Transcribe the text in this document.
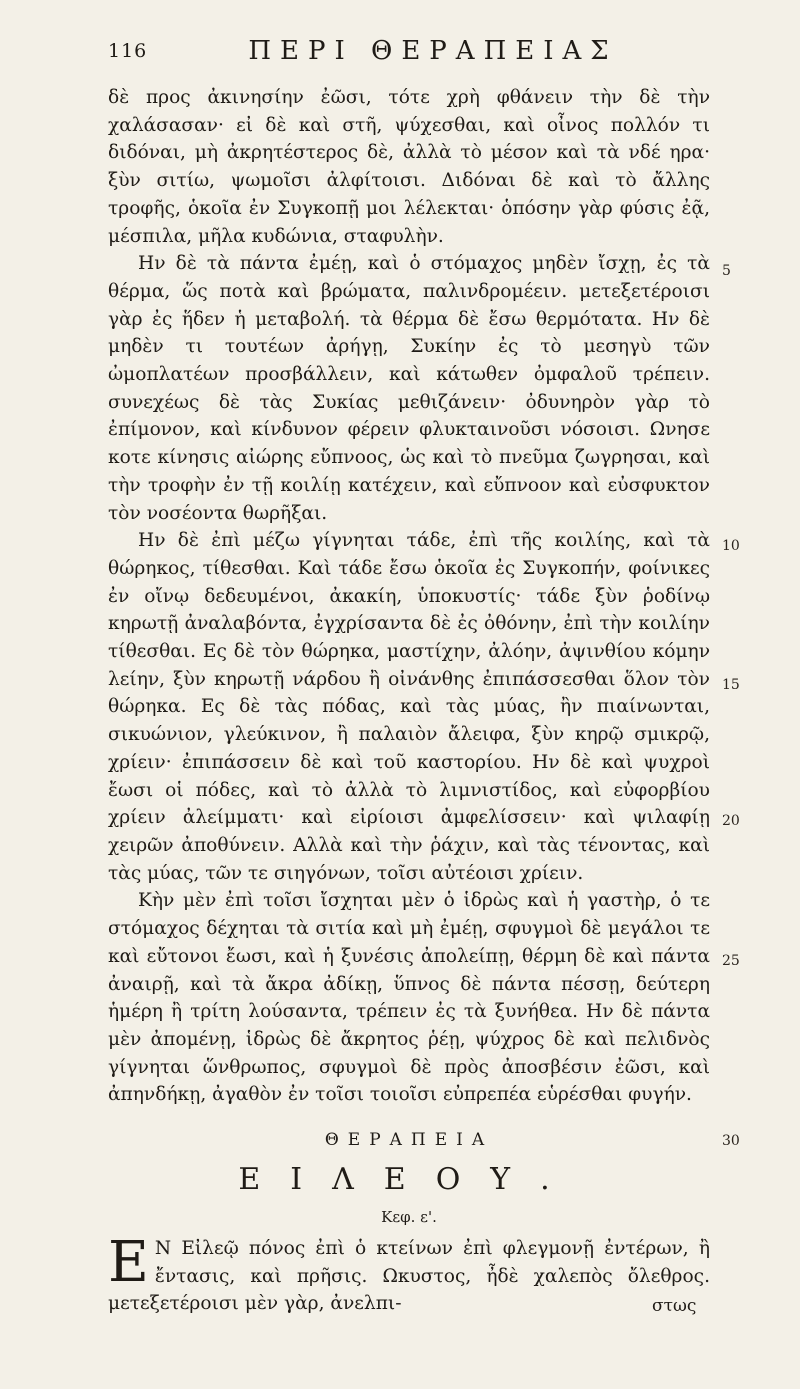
116	ΠΕΡΙ ΘΕΡΑΠΕΙΑΣ

δὲ προς ἀκινησίην ἐῶσι, τότε χρὴ φθάνειν τὴν δὲ τὴν χαλάσασαν· εἰ δὲ καὶ στῆ, ψύχεσθαι, καὶ οἶνος πολλόν τι διδόναι, μὴ ἀκρητέστερος δὲ, ἀλλὰ τὸ μέσον καὶ τὰ νδέ ηρα· ξὺν σιτίω, ψωμοῖσι ἀλφίτοισι. Διδόναι δὲ καὶ τὸ ἄλλης τροφῆς, ὁκοῖα ἐν Συγκοπῇ μοι λέλεκται· ὁπόσην γὰρ φύσις ἐᾷ, μέσπιλα, μῆλα κυδώνια, σταφυλὴν.

Ην δὲ τὰ πάντα ἐμέῃ, καὶ ὁ στόμαχος μηδὲν ἴσχῃ, ἐς τὰ θέρμα, ὥς ποτὰ καὶ βρώματα, παλινδρομέειν. μετεξετέροισι γὰρ ἐς ἥδεν ἡ μεταβολή. τὰ θέρμα δὲ ἔσω θερμότατα. Ην δὲ μηδὲν τι τουτέων ἀρήγῃ, Συκίην ἐς τὸ μεσηγὺ τῶν ὠμοπλατέων προσβάλλειν, καὶ κάτωθεν ὀμφαλοῦ τρέπειν. συνεχέως δὲ τὰς Συκίας μεθιζάνειν· ὀδυνηρὸν γὰρ τὸ ἐπίμονον, καὶ κίνδυνον φέρειν φλυκταινοῦσι νόσοισι. Ωνησε κοτε κίνησις αἰώρης εὔπνοος, ὡς καὶ τὸ πνεῦμα ζωγρησαι, καὶ τὴν τροφὴν ἐν τῇ κοιλίῃ κατέχειν, καὶ εὔπνοον καὶ εὐσφυκτον τὸν νοσέοντα θωρῆξαι.

Ην δὲ ἐπὶ μέζω γίγνηται τάδε, ἐπὶ τῆς κοιλίης, καὶ τὰ θώρηκος, τίθεσθαι. Καὶ τάδε ἔσω ὁκοῖα ἐς Συγκοπήν, φοίνικες ἐν οἴνῳ δεδευμένοι, ἀκακίη, ὑποκυστίς· τάδε ξὺν ῥοδίνῳ κηρωτῇ ἀναλαβόντα, ἐγχρίσαντα δὲ ἐς ὀθόνην, ἐπὶ τὴν κοιλίην τίθεσθαι. Ες δὲ τὸν θώρηκα, μαστίχην, ἀλόην, ἀψινθίου κόμην λείην, ξὺν κηρωτῇ νάρδου ἢ οἰνάνθης ἐπιπάσσεσθαι ὅλον τὸν θώρηκα. Ες δὲ τὰς πόδας, καὶ τὰς μύας, ἢν πιαίνωνται, σικυώνιον, γλεύκινον, ἢ παλαιὸν ἄλειφα, ξὺν κηρῷ σμικρῷ, χρίειν· ἐπιπάσσειν δὲ καὶ τοῦ καστορίου. Ην δὲ καὶ ψυχροὶ ἔωσι οἱ πόδες, καὶ τὸ ἀλλὰ τὸ λιμνιστίδος, καὶ εὐφορβίου χρίειν ἀλείμματι· καὶ εἰρίοισι ἀμφελίσσειν· καὶ ψιλαφίῃ χειρῶν ἀποθύνειν. Αλλὰ καὶ τὴν ῥάχιν, καὶ τὰς τένοντας, καὶ τὰς μύας, τῶν τε σιηγόνων, τοῖσι αὐτέοισι χρίειν.

Κὴν μὲν ἐπὶ τοῖσι ἴσχηται μὲν ὁ ἱδρὼς καὶ ἡ γαστὴρ, ὁ τε στόμαχος δέχηται τὰ σιτία καὶ μὴ ἐμέῃ, σφυγμοὶ δὲ μεγάλοι τε καὶ εὔτονοι ἔωσι, καὶ ἡ ξυνέσις ἀπολείπῃ, θέρμη δὲ καὶ πάντα ἀναιρῇ, καὶ τὰ ἄκρα ἀδίκῃ, ὕπνος δὲ πάντα πέσσῃ, δεύτερη ἡμέρη ἢ τρίτη λούσαντα, τρέπειν ἐς τὰ ξυνήθεα. Ην δὲ πάντα μὲν ἀπομένῃ, ἱδρὼς δὲ ἄκρητος ῥέῃ, ψύχρος δὲ καὶ πελιδνὸς γίγνηται ὥνθρωπος, σφυγμοὶ δὲ πρὸς ἀποσβέσιν ἐῶσι, καὶ ἀπηνδήκῃ, ἀγαθὸν ἐν τοῖσι τοιοῖσι εὐπρεπέα εὑρέσθαι φυγήν.

5
10
15
20
25
30
ΘΕΡΑΠΕΙΑ
ΕΙΛΕΟΥ.
Κεφ. ε'.
Ε Ν Εἰλεῷ πόνος ἐπὶ ὁ κτείνων ἐπὶ φλεγμονῇ ἐντέρων, ἢ ἔντασις, καὶ πρῆσις. Ωκυστος, ἦδὲ χαλεπὸς ὄλεθρος. μετεξετέροισι μὲν γὰρ, ἀνελπι-	στως
